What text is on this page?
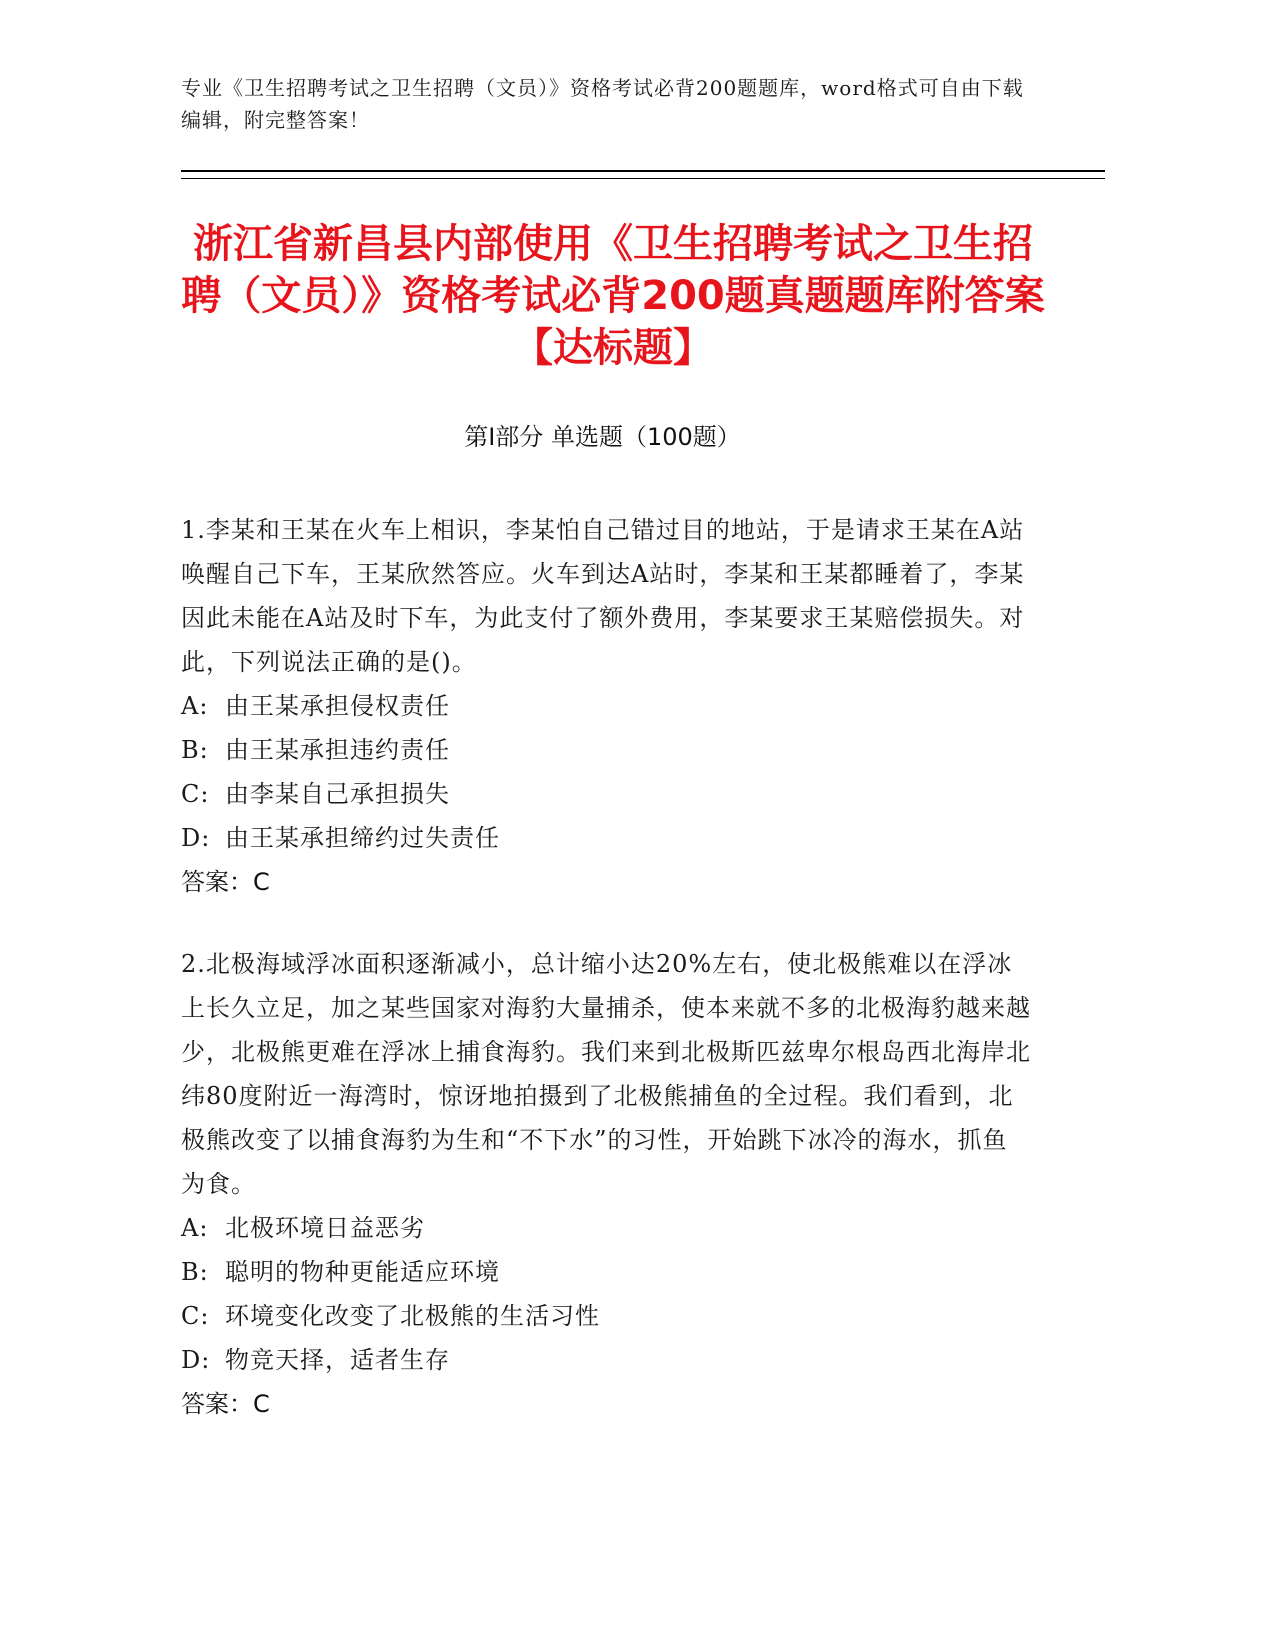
专业《卫生招聘考试之卫生招聘（文员）》资格考试必背200题题库，word格式可自由下载编辑，附完整答案！
浙江省新昌县内部使用《卫生招聘考试之卫生招聘（文员）》资格考试必背200题真题题库附答案【达标题】
第Ⅰ部分 单选题（100题）

1.李某和王某在火车上相识，李某怕自己错过目的地站，于是请求王某在A站唤醒自己下车，王某欣然答应。火车到达A站时，李某和王某都睡着了，李某因此未能在A站及时下车，为此支付了额外费用，李某要求王某赔偿损失。对此，下列说法正确的是()。

A: 由王某承担侵权责任
B: 由王某承担违约责任
C: 由李某自己承担损失
D: 由王某承担缔约过失责任
答案：C

2.北极海域浮冰面积逐渐减小，总计缩小达20%左右，使北极熊难以在浮冰上长久立足，加之某些国家对海豹大量捕杀，使本来就不多的北极海豹越来越少，北极熊更难在浮冰上捕食海豹。我们来到北极斯匹兹卑尔根岛西北海岸北纬80度附近一海湾时，惊讶地拍摄到了北极熊捕鱼的全过程。我们看到，北极熊改变了以捕食海豹为生和“不下水”的习性，开始跳下冰冷的海水，抓鱼为食。

A: 北极环境日益恶劣
B: 聪明的物种更能适应环境
C: 环境变化改变了北极熊的生活习性
D: 物竞天择，适者生存
答案：C
